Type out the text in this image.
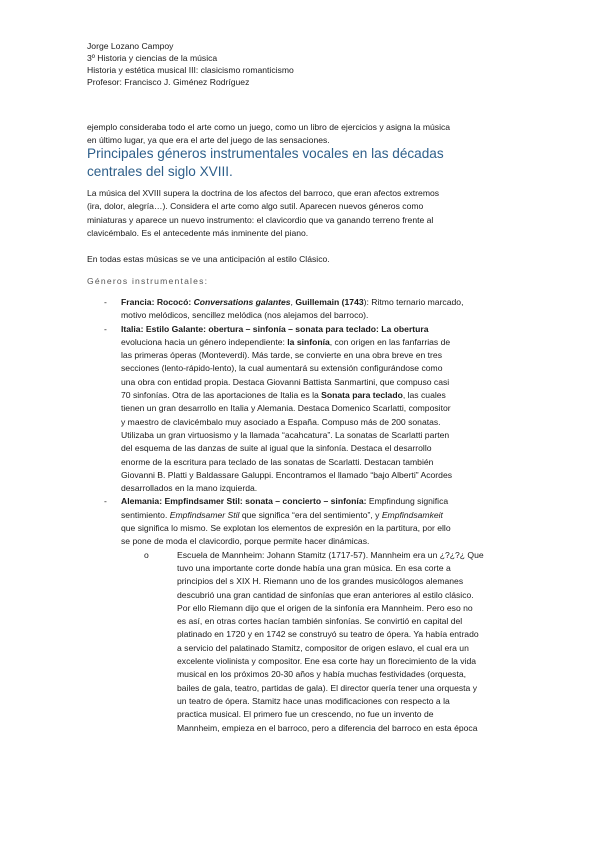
Jorge Lozano Campoy
3º Historia y ciencias de la música
Historia y estética musical III: clasicismo romanticismo
Profesor: Francisco J. Giménez Rodríguez
ejemplo consideraba todo el arte como un juego, como un libro de ejercicios y asigna la música
en último lugar, ya que era el arte del juego de las sensaciones.
Principales géneros instrumentales vocales en las décadas
centrales del siglo XVIII.
La música del XVIII supera la doctrina de los afectos del barroco, que eran afectos extremos
(ira, dolor, alegría…). Considera el arte como algo sutil. Aparecen nuevos géneros como
miniaturas y aparece un nuevo instrumento: el clavicordio que va ganando terreno frente al
clavicémbalo. Es el antecedente más inminente del piano.
En todas estas músicas se ve una anticipación al estilo Clásico.
Géneros instrumentales:
- Francia: Rococó: Conversations galantes, Guillemain (1743): Ritmo ternario marcado,
motivo melódicos, sencillez melódica (nos alejamos del barroco).
- Italia: Estilo Galante: obertura – sinfonía – sonata para teclado: La obertura
evoluciona hacia un género independiente: la sinfonía, con origen en las fanfarrias de
las primeras óperas (Monteverdi). Más tarde, se convierte en una obra breve en tres
secciones (lento-rápido-lento), la cual aumentará su extensión configurándose como
una obra con entidad propia. Destaca Giovanni Battista Sanmartini, que compuso casi
70 sinfonías. Otra de las aportaciones de Italia es la Sonata para teclado, las cuales
tienen un gran desarrollo en Italia y Alemania. Destaca Domenico Scarlatti, compositor
y maestro de clavicémbalo muy asociado a España. Compuso más de 200 sonatas.
Utilizaba un gran virtuosismo y la llamada “acahcatura”. La sonatas de Scarlatti parten
del esquema de las danzas de suite al igual que la sinfonía. Destaca el desarrollo
enorme de la escritura para teclado de las sonatas de Scarlatti. Destacan también
Giovanni B. Platti y Baldassare Galuppi. Encontramos el llamado “bajo Alberti” Acordes
desarrollados en la mano izquierda.
- Alemania: Empfindsamer Stil: sonata – concierto – sinfonía: Empfindung significa
sentimiento. Empfindsamer Stil que significa “era del sentimiento”, y Empfindsamkeit
que significa lo mismo. Se explotan los elementos de expresión en la partitura, por ello
se pone de moda el clavicordio, porque permite hacer dinámicas.
o	Escuela de Mannheim: Johann Stamitz (1717-57). Mannheim era un ¿?¿?¿ Que
tuvo una importante corte donde había una gran música. En esa corte a
principios del s XIX H. Riemann uno de los grandes musicólogos alemanes
descubrió una gran cantidad de sinfonías que eran anteriores al estilo clásico.
Por ello Riemann dijo que el origen de la sinfonía era Mannheim. Pero eso no
es así, en otras cortes hacían también sinfonías. Se convirtió en capital del
platinado en 1720 y en 1742 se construyó su teatro de ópera. Ya había entrado
a servicio del palatinado Stamitz, compositor de origen eslavo, el cual era un
excelente violinista y compositor. Ene esa corte hay un florecimiento de la vida
musical en los próximos 20-30 años y había muchas festividades (orquesta,
bailes de gala, teatro, partidas de gala). El director quería tener una orquesta y
un teatro de ópera. Stamitz hace unas modificaciones con respecto a la
practica musical. El primero fue un crescendo, no fue un invento de
Mannheim, empieza en el barroco, pero a diferencia del barroco en esta época
